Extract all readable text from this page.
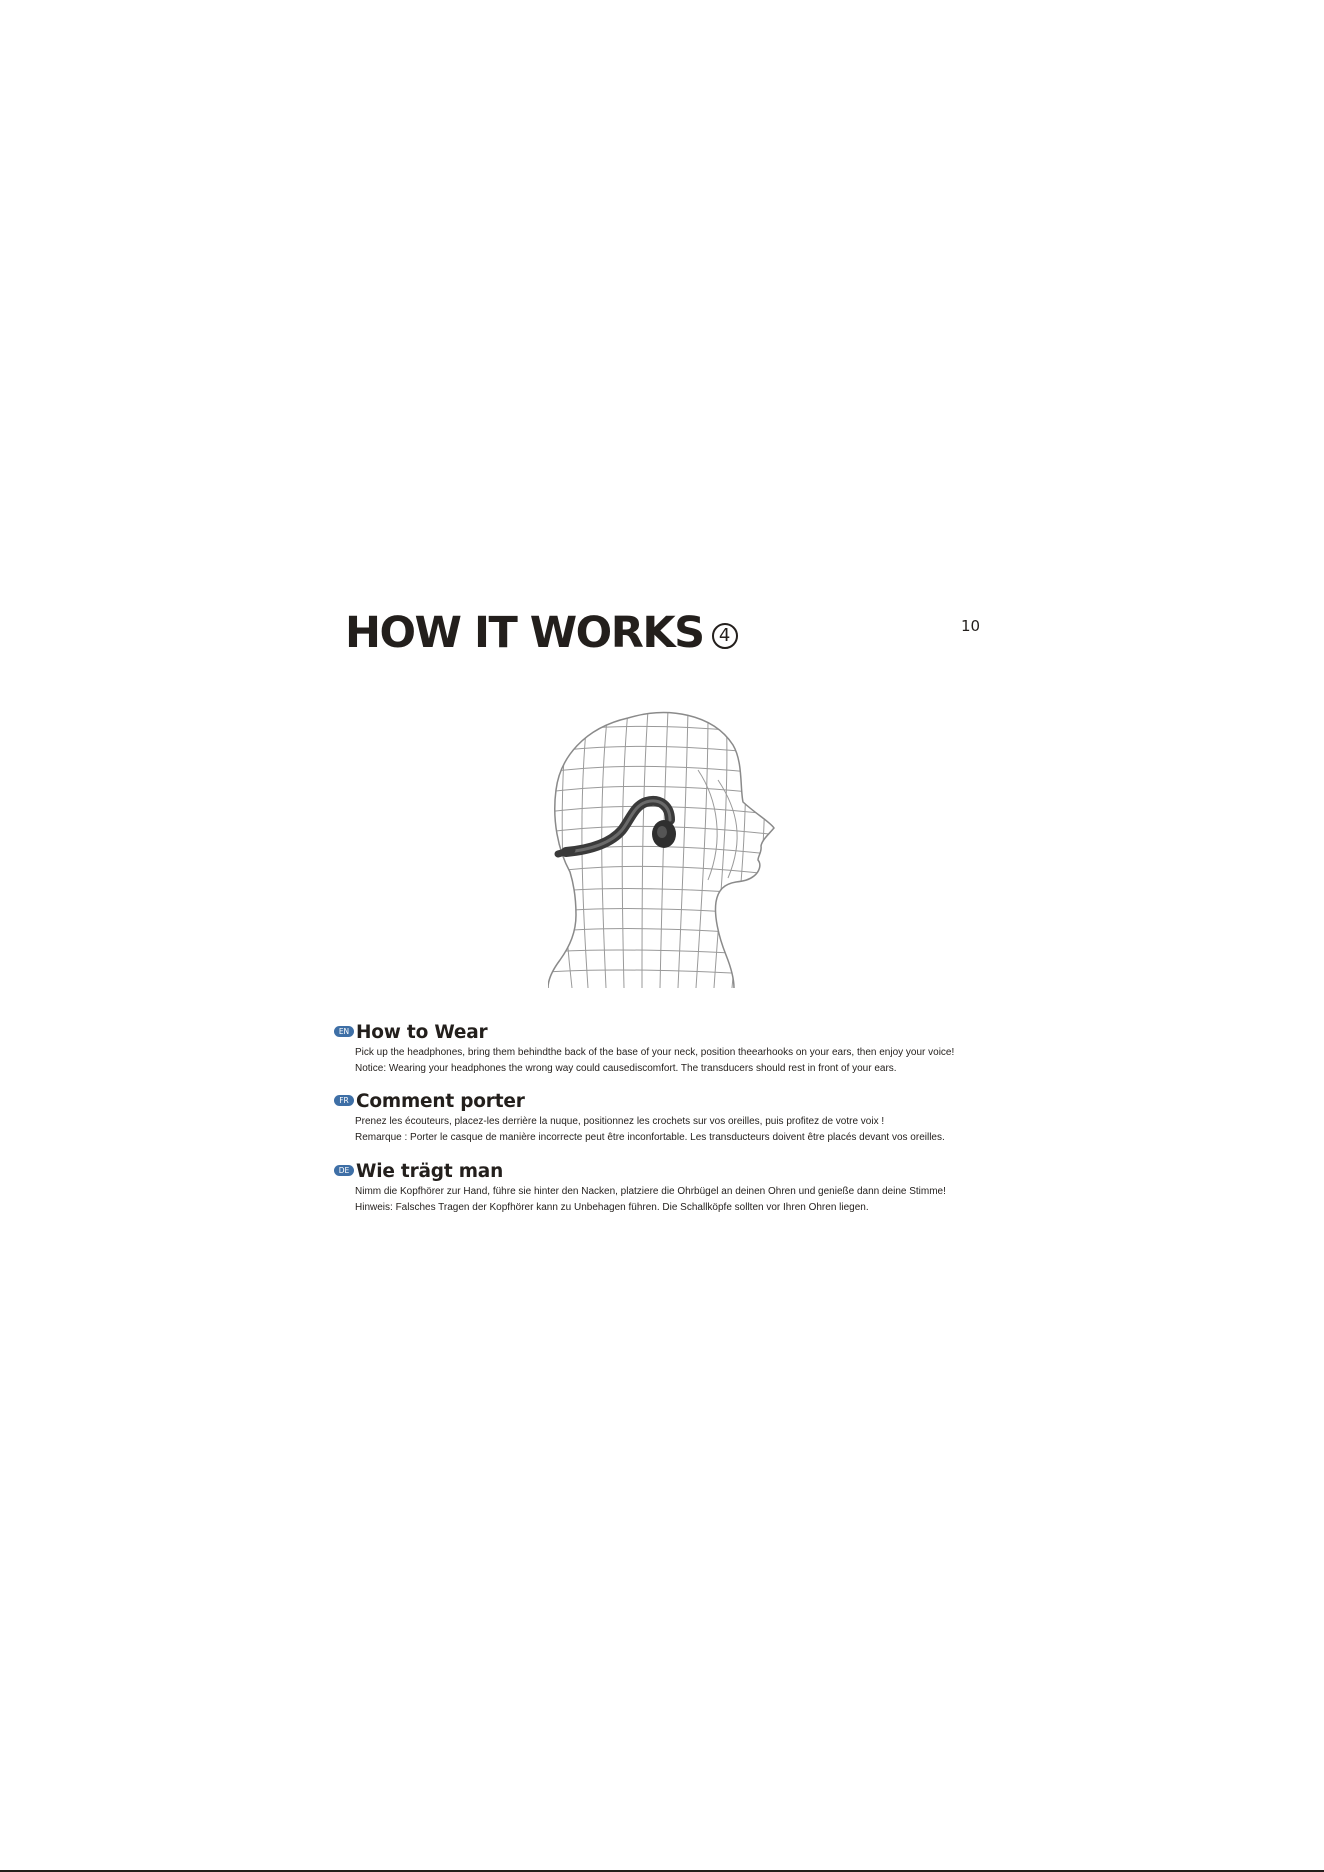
10
HOW IT WORKS 4
EN How to Wear
Pick up the headphones, bring them behindthe back of the base of your neck, position theearhooks on your ears, then enjoy your voice!
Notice: Wearing your headphones the wrong way could causediscomfort. The transducers should rest in front of your ears.
FR Comment porter
Prenez les écouteurs, placez-les derrière la nuque, positionnez les crochets sur vos oreilles, puis profitez de votre voix !
Remarque : Porter le casque de manière incorrecte peut être inconfortable. Les transducteurs doivent être placés devant vos oreilles.
DE Wie trägt man
Nimm die Kopfhörer zur Hand, führe sie hinter den Nacken, platziere die Ohrbügel an deinen Ohren und genieße dann deine Stimme!
Hinweis: Falsches Tragen der Kopfhörer kann zu Unbehagen führen. Die Schallköpfe sollten vor Ihren Ohren liegen.
